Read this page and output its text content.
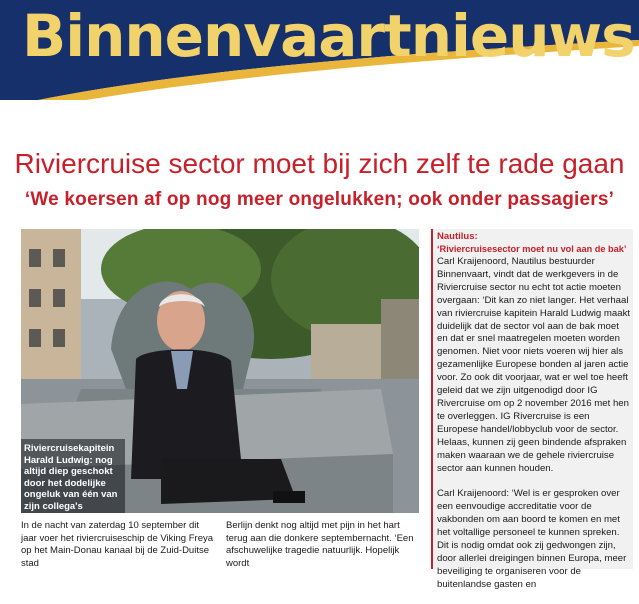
Binnenvaartnieuws
Riviercruise sector moet bij zich zelf te rade gaan
‘We koersen af op nog meer ongelukken; ook onder passagiers’
Riviercruisekapitein Harald Ludwig: nog altijd diep geschokt door het dodelijke ongeluk van één van zijn collega's
In de nacht van zaterdag 10 september dit jaar voer het riviercruiseschip de Viking Freya op het Main-Donau kanaal bij de Zuid-Duitse stad
Berlijn denkt nog altijd met pijn in het hart terug aan die donkere septembernacht. ‘Een afschuwelijke tragedie natuurlijk. Hopelijk wordt
Nautilus:
‘Riviercruisesector moet nu vol aan de bak’

Carl Kraijenoord, Nautilus bestuurder Binnenvaart, vindt dat de werkgevers in de Riviercruise sector nu echt tot actie moeten overgaan: ‘Dit kan zo niet langer. Het verhaal van riviercruise kapitein Harald Ludwig maakt duidelijk dat de sector vol aan de bak moet en dat er snel maatregelen moeten worden genomen. Niet voor niets voeren wij hier als gezamenlijke Europese bonden al jaren actie voor. Zo ook dit voorjaar, wat er wel toe heeft geleid dat we zijn uitgenodigd door IG Rivercruise om op 2 november 2016 met hen te overleggen. IG Rivercruise is een Europese handel/lobbyclub voor de sector. Helaas, kunnen zij geen bindende afspraken maken waaraan we de gehele riviercruise sector aan kunnen houden.

Carl Kraijenoord: ‘Wel is er gesproken over een eenvoudige accreditatie voor de vakbonden om aan boord te komen en met het voltallige personeel te kunnen spreken. Dit is nodig omdat ook zij gedwongen zijn, door allerlei dreigingen binnen Europa, meer beveiliging te organiseren voor de buitenlandse gasten en
